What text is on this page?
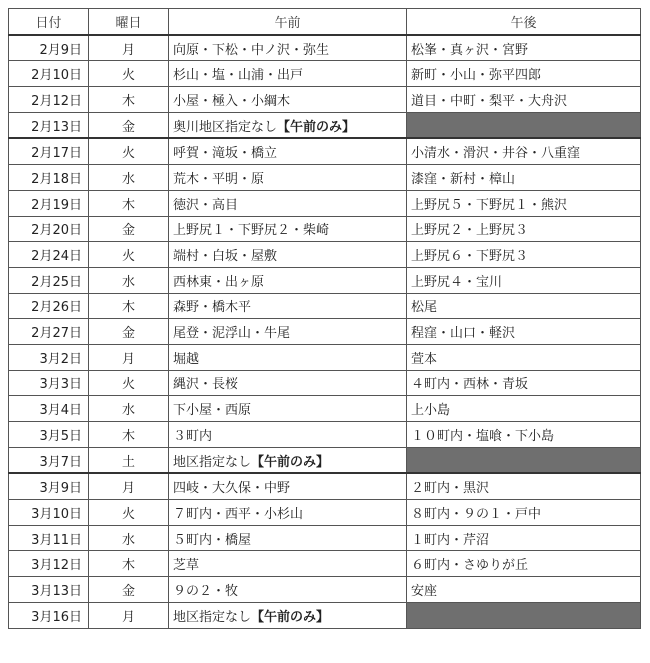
日付	曜日	午前	午後
2月9日	月	向原・下松・中ノ沢・弥生	松峯・真ヶ沢・宮野
2月10日	火	杉山・塩・山浦・出戸	新町・小山・弥平四郎
2月12日	木	小屋・極入・小綱木	道目・中町・梨平・大舟沢
2月13日	金	奥川地区指定なし【午前のみ】	
2月17日	火	呼賀・滝坂・橋立	小清水・滑沢・井谷・八重窪
2月18日	水	荒木・平明・原	漆窪・新村・樟山
2月19日	木	徳沢・高目	上野尻５・下野尻１・熊沢
2月20日	金	上野尻１・下野尻２・柴崎	上野尻２・上野尻３
2月24日	火	端村・白坂・屋敷	上野尻６・下野尻３
2月25日	水	西林東・出ヶ原	上野尻４・宝川
2月26日	木	森野・橋木平	松尾
2月27日	金	尾登・泥浮山・牛尾	程窪・山口・軽沢
3月2日	月	堀越	萱本
3月3日	火	縄沢・長桜	４町内・西林・青坂
3月4日	水	下小屋・西原	上小島
3月5日	木	３町内	１０町内・塩喰・下小島
3月7日	土	地区指定なし【午前のみ】	
3月9日	月	四岐・大久保・中野	２町内・黒沢
3月10日	火	７町内・西平・小杉山	８町内・９の１・戸中
3月11日	水	５町内・橋屋	１町内・芹沼
3月12日	木	芝草	６町内・さゆりが丘
3月13日	金	９の２・牧	安座
3月16日	月	地区指定なし【午前のみ】	
